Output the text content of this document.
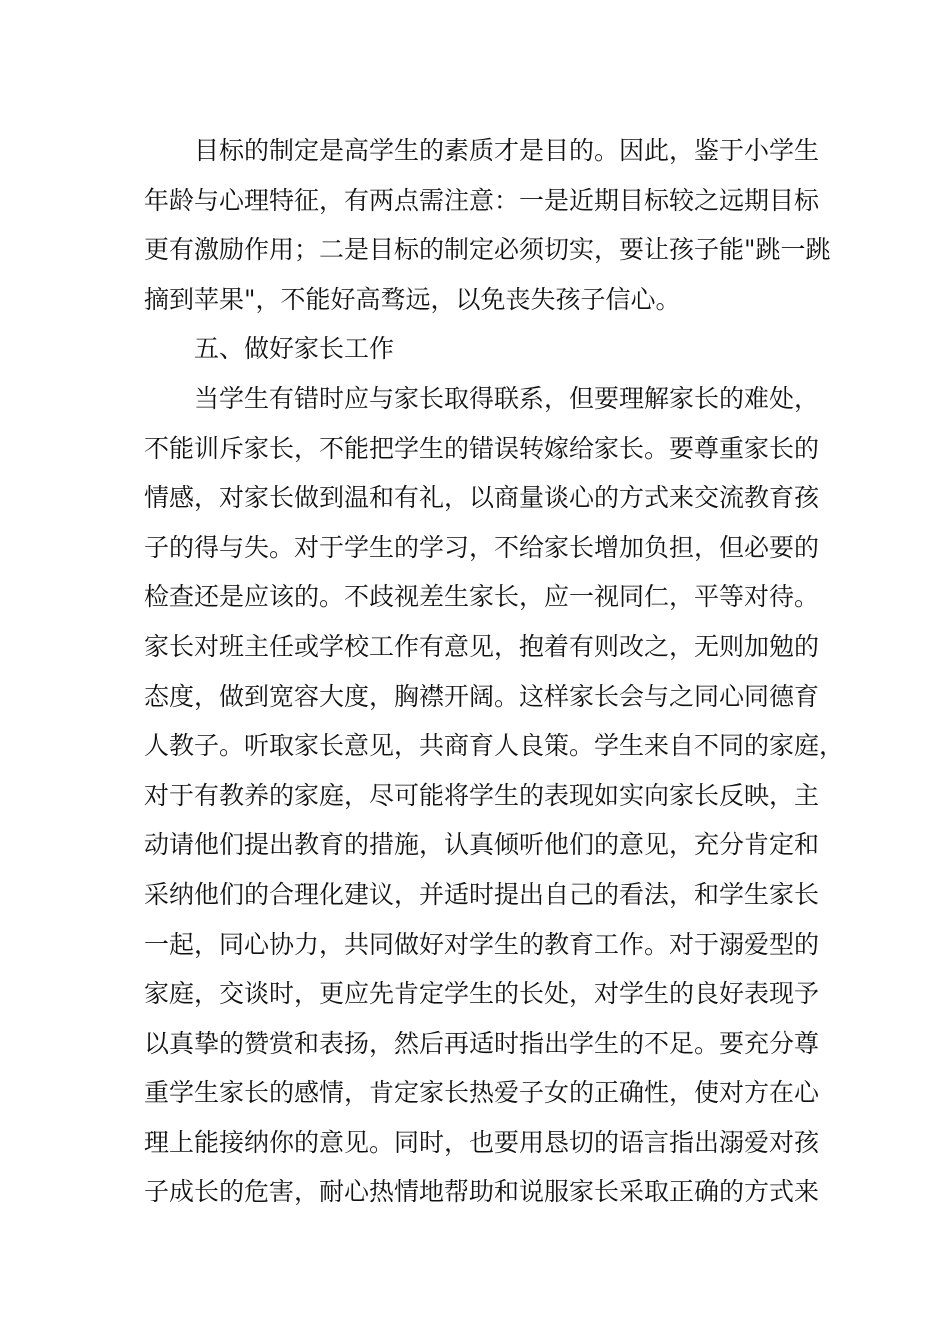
目标的制定是高学生的素质才是目的。因此，鉴于小学生
年龄与心理特征，有两点需注意：一是近期目标较之远期目标
更有激励作用；二是目标的制定必须切实，要让孩子能"跳一跳
摘到苹果"，不能好高骛远，以免丧失孩子信心。
五、做好家长工作
当学生有错时应与家长取得联系，但要理解家长的难处，
不能训斥家长，不能把学生的错误转嫁给家长。要尊重家长的
情感，对家长做到温和有礼，以商量谈心的方式来交流教育孩
子的得与失。对于学生的学习，不给家长增加负担，但必要的
检查还是应该的。不歧视差生家长，应一视同仁，平等对待。
家长对班主任或学校工作有意见，抱着有则改之，无则加勉的
态度，做到宽容大度，胸襟开阔。这样家长会与之同心同德育
人教子。听取家长意见，共商育人良策。学生来自不同的家庭，
对于有教养的家庭，尽可能将学生的表现如实向家长反映，主
动请他们提出教育的措施，认真倾听他们的意见，充分肯定和
采纳他们的合理化建议，并适时提出自己的看法，和学生家长
一起，同心协力，共同做好对学生的教育工作。对于溺爱型的
家庭，交谈时，更应先肯定学生的长处，对学生的良好表现予
以真挚的赞赏和表扬，然后再适时指出学生的不足。要充分尊
重学生家长的感情，肯定家长热爱子女的正确性，使对方在心
理上能接纳你的意见。同时，也要用恳切的语言指出溺爱对孩
子成长的危害，耐心热情地帮助和说服家长采取正确的方式来
